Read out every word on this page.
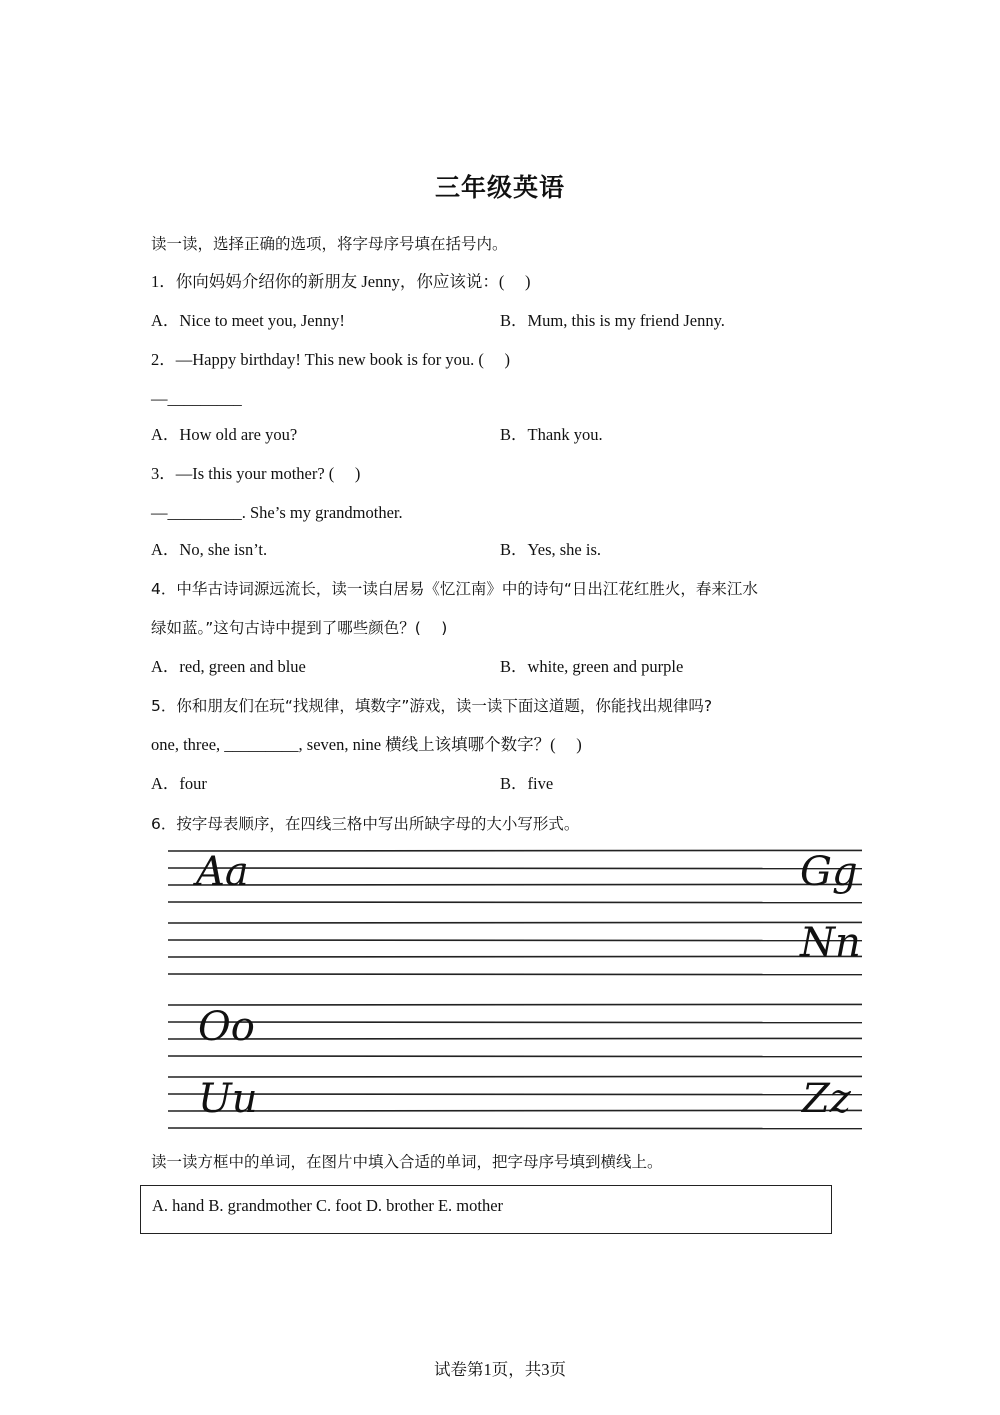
三年级英语
读一读，选择正确的选项，将字母序号填在括号内。
1．你向妈妈介绍你的新朋友 Jenny，你应该说：(　 )
A．Nice to meet you, Jenny!	B．Mum, this is my friend Jenny.
2．—Happy birthday! This new book is for you. (　 )
—_________
A．How old are you?	B．Thank you.
3．—Is this your mother? (　 )
—_________. She’s my grandmother.
A．No, she isn’t.	B．Yes, she is.
4．中华古诗词源远流长，读一读白居易《忆江南》中的诗句“日出江花红胜火，春来江水
绿如蓝。”这句古诗中提到了哪些颜色？(　 )
A．red, green and blue	B．white, green and purple
5．你和朋友们在玩“找规律，填数字”游戏，读一读下面这道题，你能找出规律吗?
one, three, _________, seven, nine 横线上该填哪个数字？(　 )
A．four	B．five
6．按字母表顺序，在四线三格中写出所缺字母的大小写形式。
Aa	Gg
Nn
Oo
Uu	Zz
读一读方框中的单词，在图片中填入合适的单词，把字母序号填到横线上。
A. hand B. grandmother C. foot D. brother E. mother
试卷第1页，共3页
